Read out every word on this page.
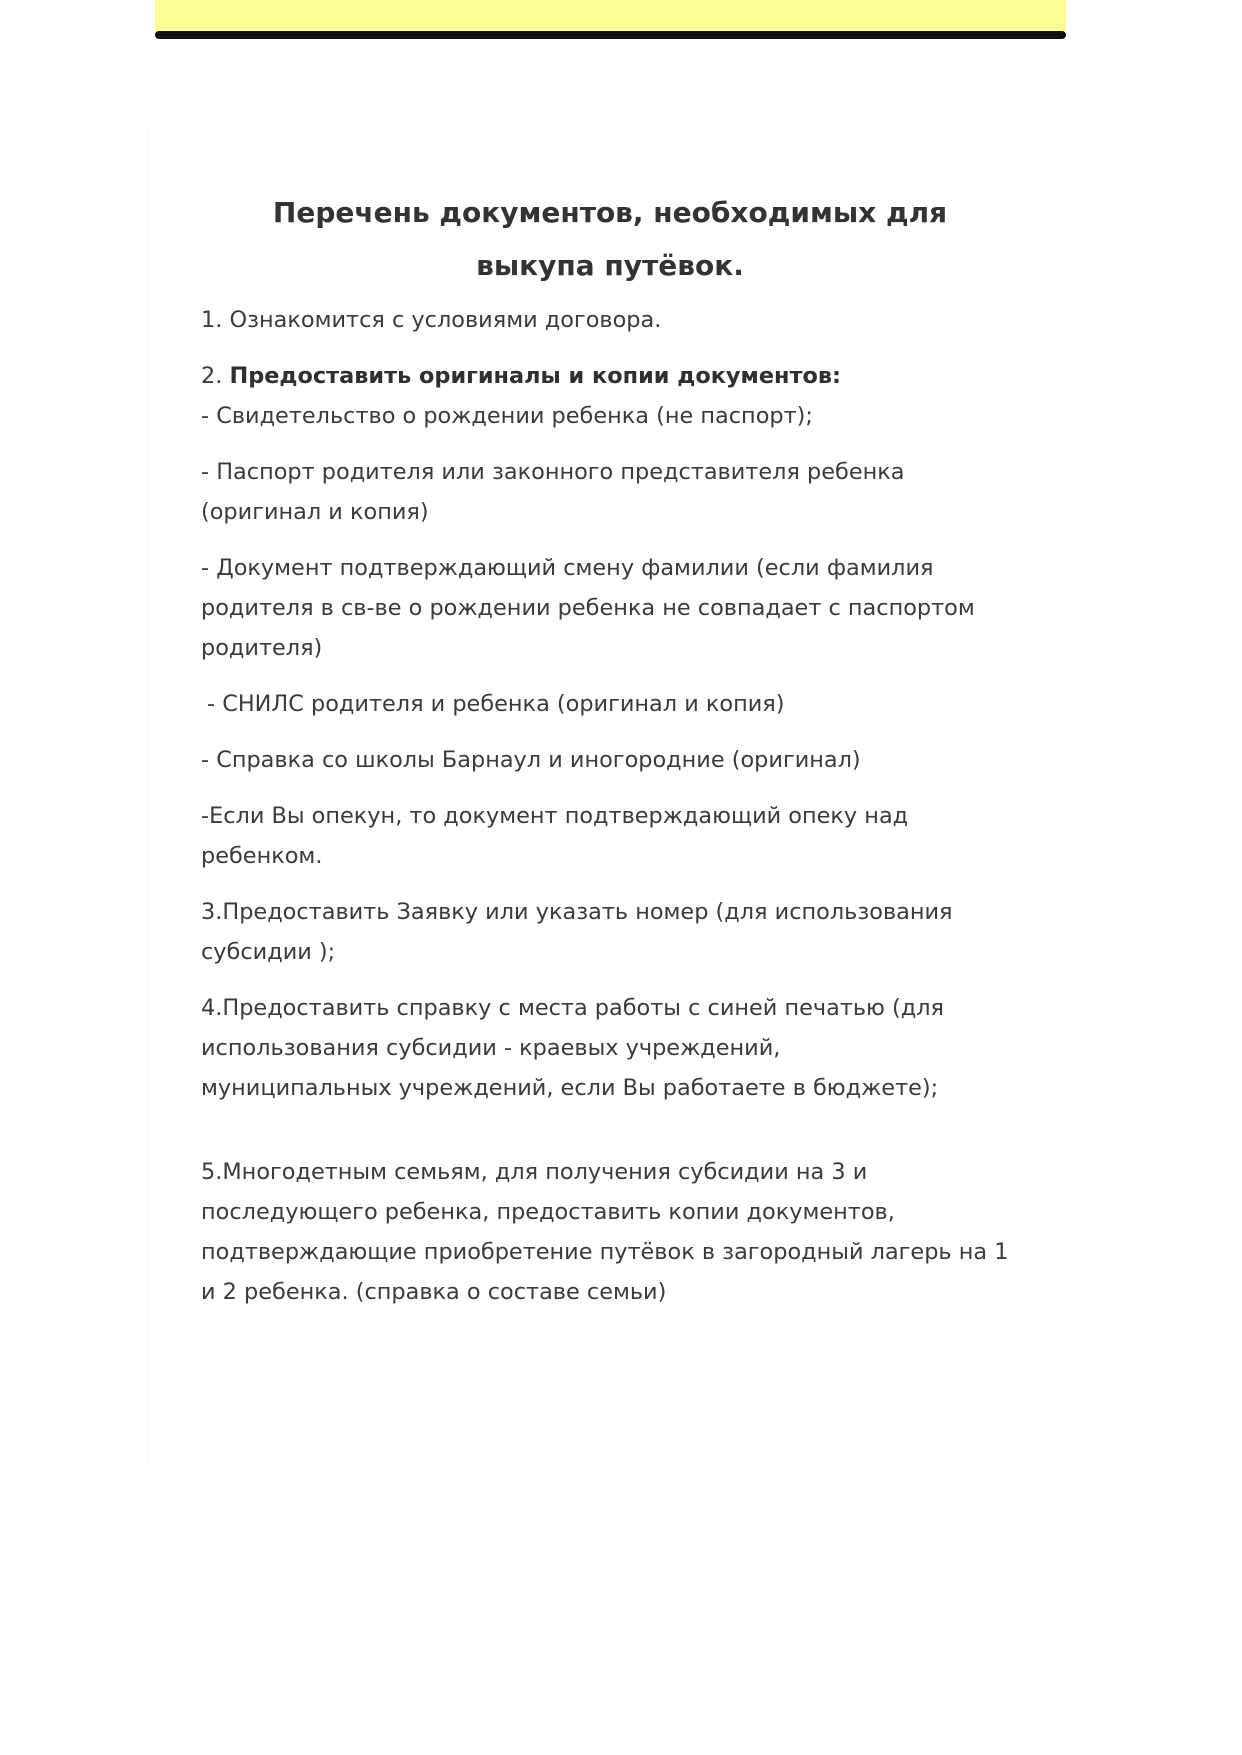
Перечень документов, необходимых для
выкупа путёвок.

1. Ознакомится с условиями договора.

2. Предоставить оригиналы и копии документов:

- Свидетельство о рождении ребенка (не паспорт);

- Паспорт родителя или законного представителя ребенка
(оригинал и копия)

- Документ подтверждающий смену фамилии (если фамилия
родителя в св-ве о рождении ребенка не совпадает с паспортом
родителя)

- СНИЛС родителя и ребенка (оригинал и копия)

- Справка со школы Барнаул и иногородние (оригинал)

-Если Вы опекун, то документ подтверждающий опеку над
ребенком.

3.Предоставить Заявку или указать номер (для использования
субсидии );

4.Предоставить справку с места работы с синей печатью (для
использования субсидии - краевых учреждений,
муниципальных учреждений, если Вы работаете в бюджете);

5.Многодетным семьям, для получения субсидии на 3 и
последующего ребенка, предоставить копии документов,
подтверждающие приобретение путёвок в загородный лагерь на 1
и 2 ребенка. (справка о составе семьи)
